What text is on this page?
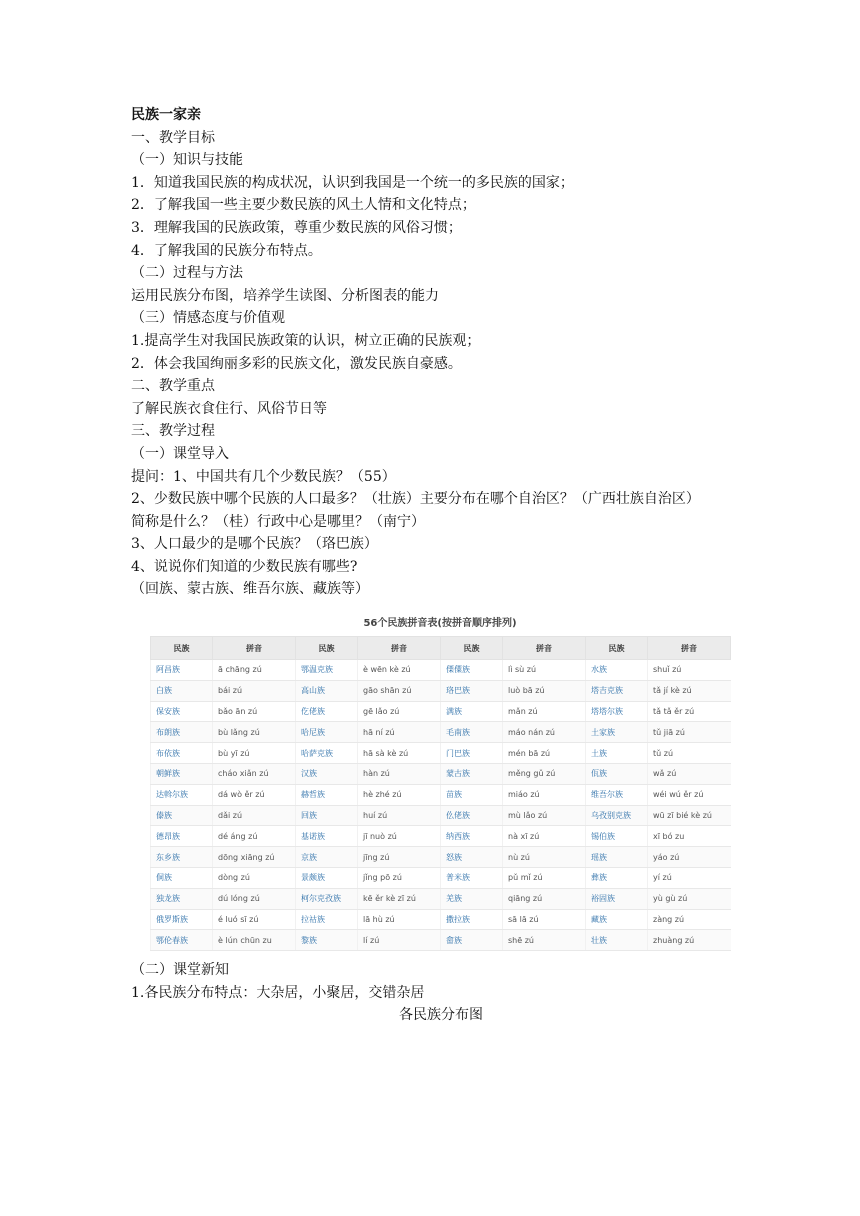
民族一家亲
一、教学目标
（一）知识与技能
1．知道我国民族的构成状况，认识到我国是一个统一的多民族的国家；
2．了解我国一些主要少数民族的风土人情和文化特点；
3．理解我国的民族政策，尊重少数民族的风俗习惯；
4．了解我国的民族分布特点。
（二）过程与方法
运用民族分布图，培养学生读图、分析图表的能力
（三）情感态度与价值观
1.提高学生对我国民族政策的认识，树立正确的民族观；
2．体会我国绚丽多彩的民族文化，激发民族自豪感。
二、教学重点
了解民族衣食住行、风俗节日等
三、教学过程
（一）课堂导入
提问：1、中国共有几个少数民族？（55）
2、少数民族中哪个民族的人口最多？（壮族）主要分布在哪个自治区？（广西壮族自治区）
简称是什么？（桂）行政中心是哪里？（南宁）
3、人口最少的是哪个民族？（珞巴族）
4、说说你们知道的少数民族有哪些?
（回族、蒙古族、维吾尔族、藏族等）
56个民族拼音表(按拼音顺序排列)
民族	拼音	民族	拼音	民族	拼音	民族	拼音
阿昌族	ā chāng zú	鄂温克族	è wēn kè zú	傈僳族	lì sù zú	水族	shuǐ zú
白族	bái zú	高山族	gāo shān zú	珞巴族	luò bā zú	塔吉克族	tǎ jí kè zú
保安族	bǎo ān zú	仡佬族	gē lǎo zú	满族	mǎn zú	塔塔尔族	tǎ tǎ ěr zú
布朗族	bù lǎng zú	哈尼族	hā ní zú	毛南族	máo nán zú	土家族	tǔ jiā zú
布依族	bù yī zú	哈萨克族	hā sà kè zú	门巴族	mén bā zú	土族	tǔ zú
朝鲜族	cháo xiǎn zú	汉族	hàn zú	蒙古族	měng gǔ zú	佤族	wǎ zú
达斡尔族	dá wò ěr zú	赫哲族	hè zhé zú	苗族	miáo zú	维吾尔族	wéi wú ěr zú
傣族	dǎi zú	回族	huí zú	仫佬族	mù lǎo zú	乌孜别克族	wū zī bié kè zú
德昂族	dé áng zú	基诺族	jī nuò zú	纳西族	nà xī zú	锡伯族	xī bó zu
东乡族	dōng xiāng zú	京族	jīng zú	怒族	nù zú	瑶族	yáo zú
侗族	dòng zú	景颇族	jǐng pō zú	普米族	pǔ mǐ zú	彝族	yí zú
独龙族	dú lóng zú	柯尔克孜族	kē ěr kè zī zú	羌族	qiāng zú	裕固族	yù gù zú
俄罗斯族	é luó sī zú	拉祜族	lā hù zú	撒拉族	sā lā zú	藏族	zàng zú
鄂伦春族	è lún chūn zu	黎族	lí zú	畲族	shē zú	壮族	zhuàng zú
（二）课堂新知
1.各民族分布特点：大杂居，小聚居，交错杂居
各民族分布图
